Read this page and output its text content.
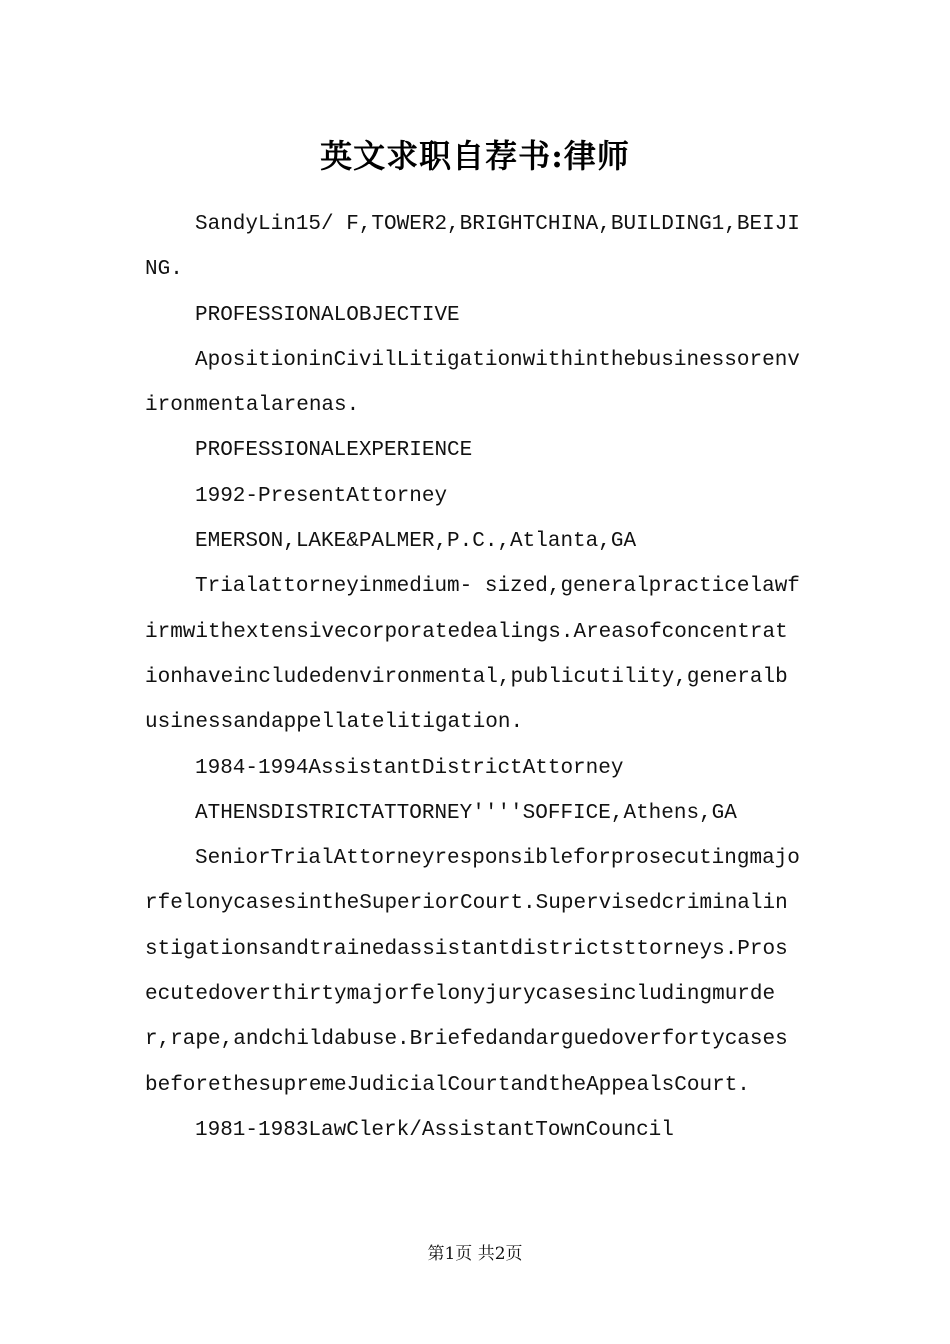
英文求职自荐书:律师

SandyLin15/ F,TOWER2,BRIGHTCHINA,BUILDING1,BEIJING.

PROFESSIONALOBJECTIVE

ApositioninCivilLitigationwithinthebusinessorenvironmentalarenas.

PROFESSIONALEXPERIENCE

1992-PresentAttorney

EMERSON,LAKE&PALMER,P.C.,Atlanta,GA

Trialattorneyinmedium- sized,generalpracticelawfirmwithextensivecorporatedealings.Areasofconcentrationhaveincludedenvironmental,publicutility,generalbusinessandappellatelitigation.

1984-1994AssistantDistrictAttorney

ATHENSDISTRICTATTORNEY''''SOFFICE,Athens,GA

SeniorTrialAttorneyresponsibleforprosecutingmajorfelonycasesintheSuperiorCourt.Supervisedcriminalinstigationsandtrainedassistantdistrictsttorneys.Prosecutedoverthirtymajorfelonyjurycasesincludingmurder,rape,andchildabuse.BriefedandarguedoverfortycasesbeforethesupremeJudicialCourtandtheAppealsCourt.

1981-1983LawClerk/AssistantTownCouncil

第1页 共2页
